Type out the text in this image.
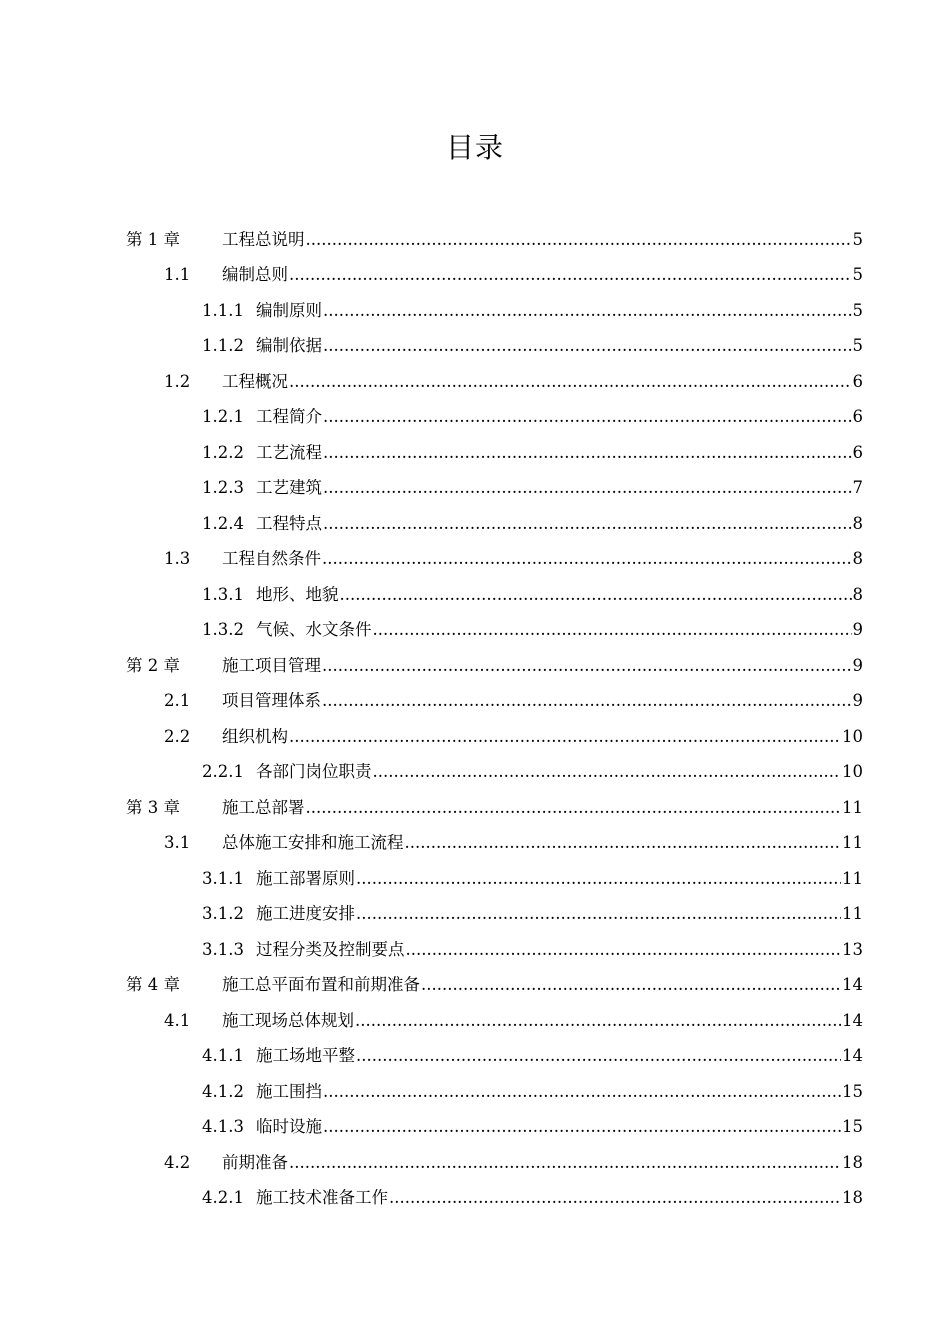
目录
第 1 章	工程总说明 .....	5
1.1 编制总则 .....	5
1.1.1 编制原则 .....	5
1.1.2 编制依据 .....	5
1.2 工程概况 .....	6
1.2.1 工程简介 .....	6
1.2.2 工艺流程 .....	6
1.2.3 工艺建筑 .....	7
1.2.4 工程特点 .....	8
1.3 工程自然条件 .....	8
1.3.1 地形、地貌 .....	8
1.3.2 气候、水文条件 .....	9
第 2 章	施工项目管理 .....	9
2.1 项目管理体系 .....	9
2.2 组织机构 .....	10
2.2.1 各部门岗位职责 .....	10
第 3 章	施工总部署 .....	11
3.1 总体施工安排和施工流程 .....	11
3.1.1 施工部署原则 .....	11
3.1.2 施工进度安排 .....	11
3.1.3 过程分类及控制要点 .....	13
第 4 章	施工总平面布置和前期准备 .....	14
4.1 施工现场总体规划 .....	14
4.1.1 施工场地平整 .....	14
4.1.2 施工围挡 .....	15
4.1.3 临时设施 .....	15
4.2 前期准备 .....	18
4.2.1 施工技术准备工作 .....	18
